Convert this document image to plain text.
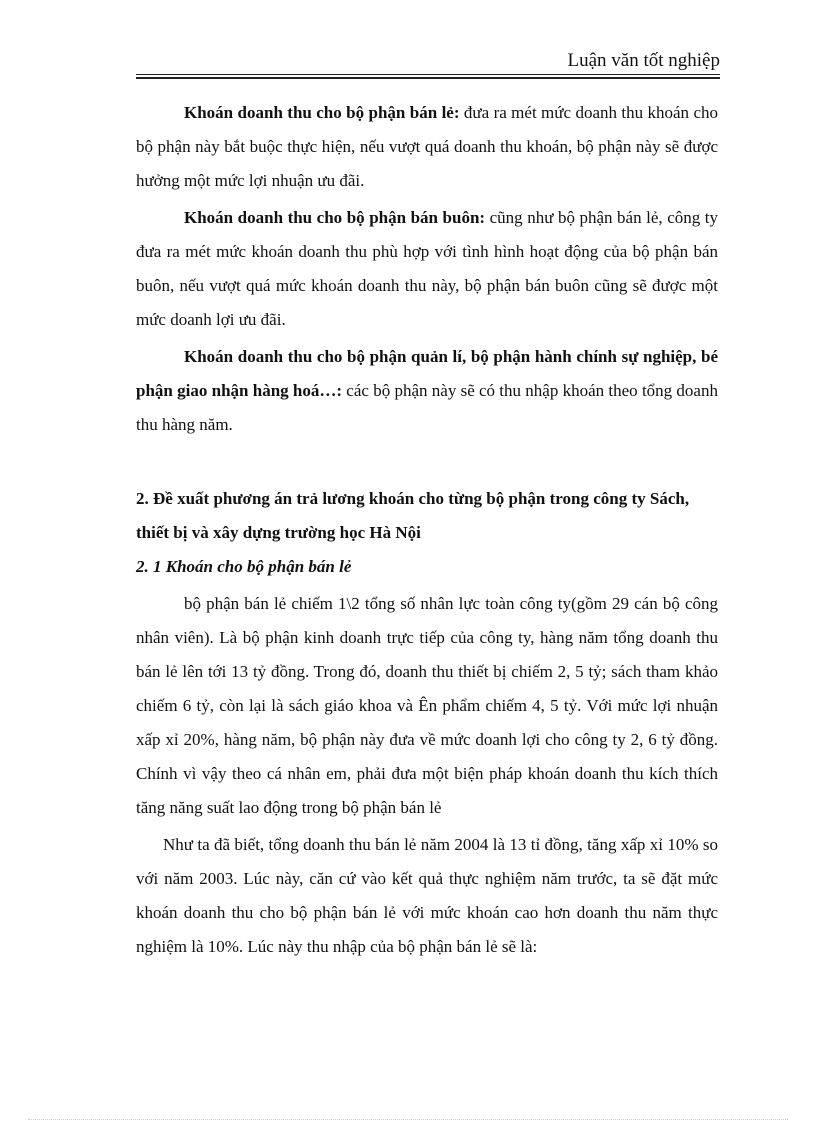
Luận văn tốt nghiệp

Khoán doanh thu cho bộ phận bán lẻ: đưa ra mét mức doanh thu khoán cho bộ phận này bắt buộc thực hiện, nếu vượt quá doanh thu khoán, bộ phận này sẽ được hưởng một mức lợi nhuận ưu đãi.

Khoán doanh thu cho bộ phận bán buôn: cũng như bộ phận bán lẻ, công ty đưa ra mét mức khoán doanh thu phù hợp với tình hình hoạt động của bộ phận bán buôn, nếu vượt quá mức khoán doanh thu này, bộ phận bán buôn cũng sẽ được một mức doanh lợi ưu đãi.

Khoán doanh thu cho bộ phận quản lí, bộ phận hành chính sự nghiệp, bé phận giao nhận hàng hoá…: các bộ phận này sẽ có thu nhập khoán theo tổng doanh thu hàng năm.

2. Đề xuất phương án trả lương khoán cho từng bộ phận trong công ty Sách, thiết bị và xây dựng trường học Hà Nội

2. 1 Khoán cho bộ phận bán lẻ

bộ phận bán lẻ chiếm 1\2 tổng số nhân lực toàn công ty(gồm 29 cán bộ công nhân viên). Là bộ phận kinh doanh trực tiếp của công ty, hàng năm tổng doanh thu bán lẻ lên tới 13 tỷ đồng. Trong đó, doanh thu thiết bị chiếm 2, 5 tỷ; sách tham khảo chiếm 6 tỷ, còn lại là sách giáo khoa và Ên phẩm chiếm 4, 5 tỷ. Với mức lợi nhuận xấp xỉ 20%, hàng năm, bộ phận này đưa về mức doanh lợi cho công ty 2, 6 tỷ đồng. Chính vì vậy theo cá nhân em, phải đưa một biện pháp khoán doanh thu kích thích tăng năng suất lao động trong bộ phận bán lẻ

Như ta đã biết, tổng doanh thu bán lẻ năm 2004 là 13 tỉ đồng, tăng xấp xỉ 10% so với năm 2003. Lúc này, căn cứ vào kết quả thực nghiệm năm trước, ta sẽ đặt mức khoán doanh thu cho bộ phận bán lẻ với mức khoán cao hơn doanh thu năm thực nghiệm là 10%. Lúc này thu nhập của bộ phận bán lẻ sẽ là:
